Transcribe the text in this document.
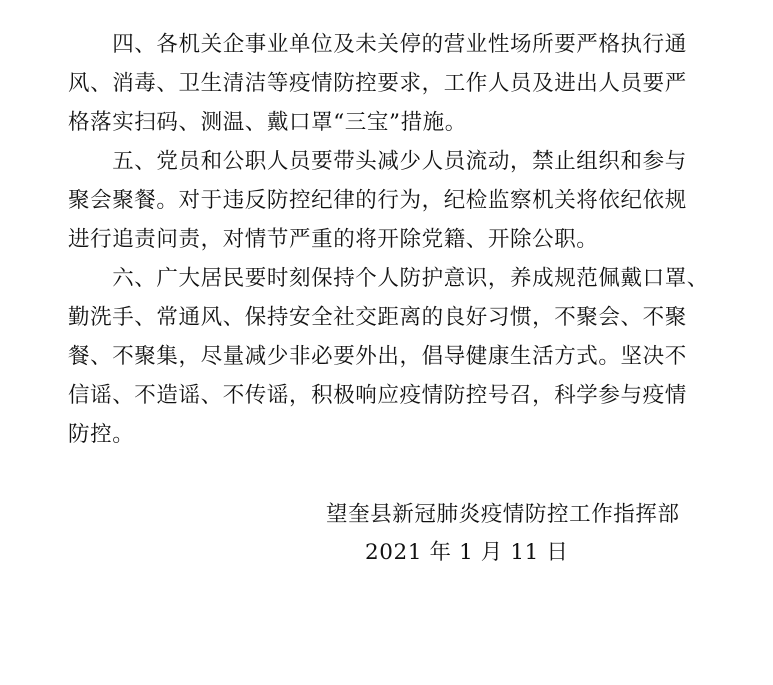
　　四、各机关企事业单位及未关停的营业性场所要严格执行通
风、消毒、卫生清洁等疫情防控要求，工作人员及进出人员要严
格落实扫码、测温、戴口罩“三宝”措施。
　　五、党员和公职人员要带头减少人员流动，禁止组织和参与
聚会聚餐。对于违反防控纪律的行为，纪检监察机关将依纪依规
进行追责问责，对情节严重的将开除党籍、开除公职。
　　六、广大居民要时刻保持个人防护意识，养成规范佩戴口罩、
勤洗手、常通风、保持安全社交距离的良好习惯，不聚会、不聚
餐、不聚集，尽量减少非必要外出，倡导健康生活方式。坚决不
信谣、不造谣、不传谣，积极响应疫情防控号召，科学参与疫情
防控。
望奎县新冠肺炎疫情防控工作指挥部
2021 年 1 月 11 日
